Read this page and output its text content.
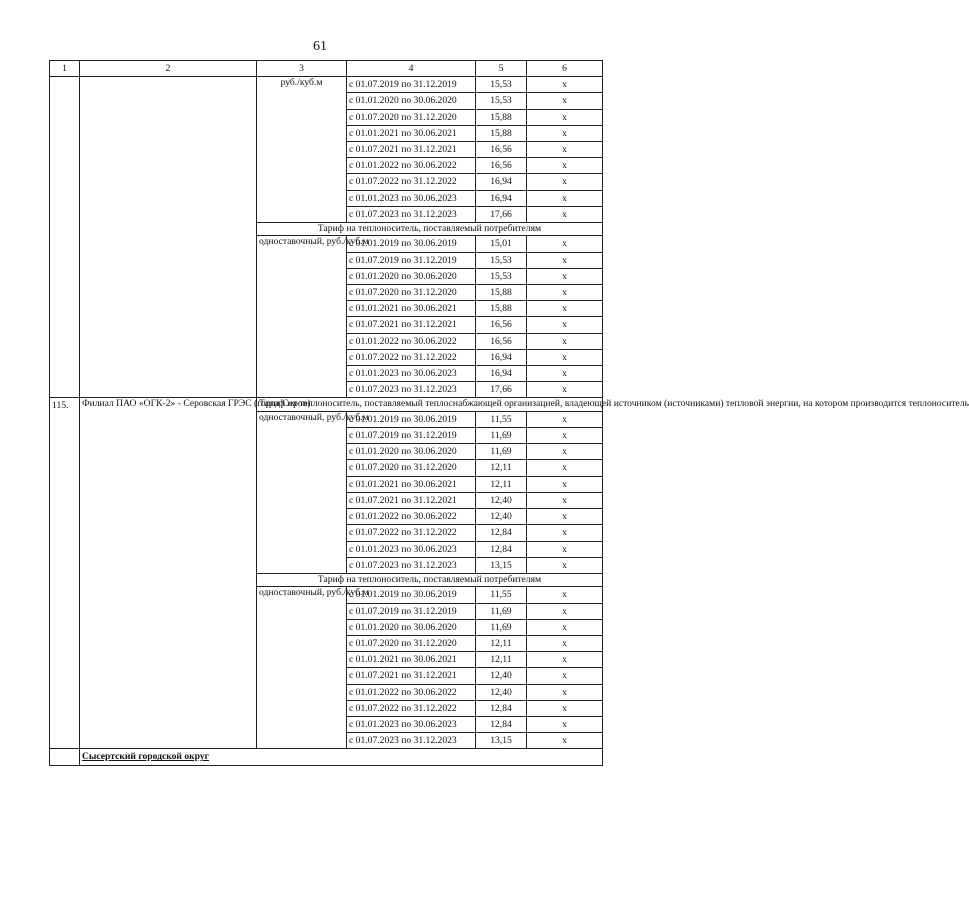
61
1	2	3	4	5	6
		руб./куб.м	с 01.07.2019 по 31.12.2019	15,53	х
			с 01.01.2020 по 30.06.2020	15,53	х
			с 01.07.2020 по 31.12.2020	15,88	х
			с 01.01.2021 по 30.06.2021	15,88	х
			с 01.07.2021 по 31.12.2021	16,56	х
			с 01.01.2022 по 30.06.2022	16,56	х
			с 01.07.2022 по 31.12.2022	16,94	х
			с 01.01.2023 по 30.06.2023	16,94	х
			с 01.07.2023 по 31.12.2023	17,66	х
		Тариф на теплоноситель, поставляемый потребителям			
		одноставочный, руб./куб.м	с 01.01.2019 по 30.06.2019	15,01	х
			с 01.07.2019 по 31.12.2019	15,53	х
			с 01.01.2020 по 30.06.2020	15,53	х
			с 01.07.2020 по 31.12.2020	15,88	х
			с 01.01.2021 по 30.06.2021	15,88	х
			с 01.07.2021 по 31.12.2021	16,56	х
			с 01.01.2022 по 30.06.2022	16,56	х
			с 01.07.2022 по 31.12.2022	16,94	х
			с 01.01.2023 по 30.06.2023	16,94	х
			с 01.07.2023 по 31.12.2023	17,66	х
115.	Филиал ПАО «ОГК-2» - Серовская ГРЭС (город Серов)	Тариф на теплоноситель, поставляемый теплоснабжающей организацией, владеющей источником (источниками) тепловой энергии, на котором производится теплоноситель			
		одноставочный, руб./куб.м	с 01.01.2019 по 30.06.2019	11,55	х
			с 01.07.2019 по 31.12.2019	11,69	х
			с 01.01.2020 по 30.06.2020	11,69	х
			с 01.07.2020 по 31.12.2020	12,11	х
			с 01.01.2021 по 30.06.2021	12,11	х
			с 01.07.2021 по 31.12.2021	12,40	х
			с 01.01.2022 по 30.06.2022	12,40	х
			с 01.07.2022 по 31.12.2022	12,84	х
			с 01.01.2023 по 30.06.2023	12,84	х
			с 01.07.2023 по 31.12.2023	13,15	х
		Тариф на теплоноситель, поставляемый потребителям			
		одноставочный, руб./куб.м	с 01.01.2019 по 30.06.2019	11,55	х
			с 01.07.2019 по 31.12.2019	11,69	х
			с 01.01.2020 по 30.06.2020	11,69	х
			с 01.07.2020 по 31.12.2020	12,11	х
			с 01.01.2021 по 30.06.2021	12,11	х
			с 01.07.2021 по 31.12.2021	12,40	х
			с 01.01.2022 по 30.06.2022	12,40	х
			с 01.07.2022 по 31.12.2022	12,84	х
			с 01.01.2023 по 30.06.2023	12,84	х
			с 01.07.2023 по 31.12.2023	13,15	х
	Сысертский городской округ				
